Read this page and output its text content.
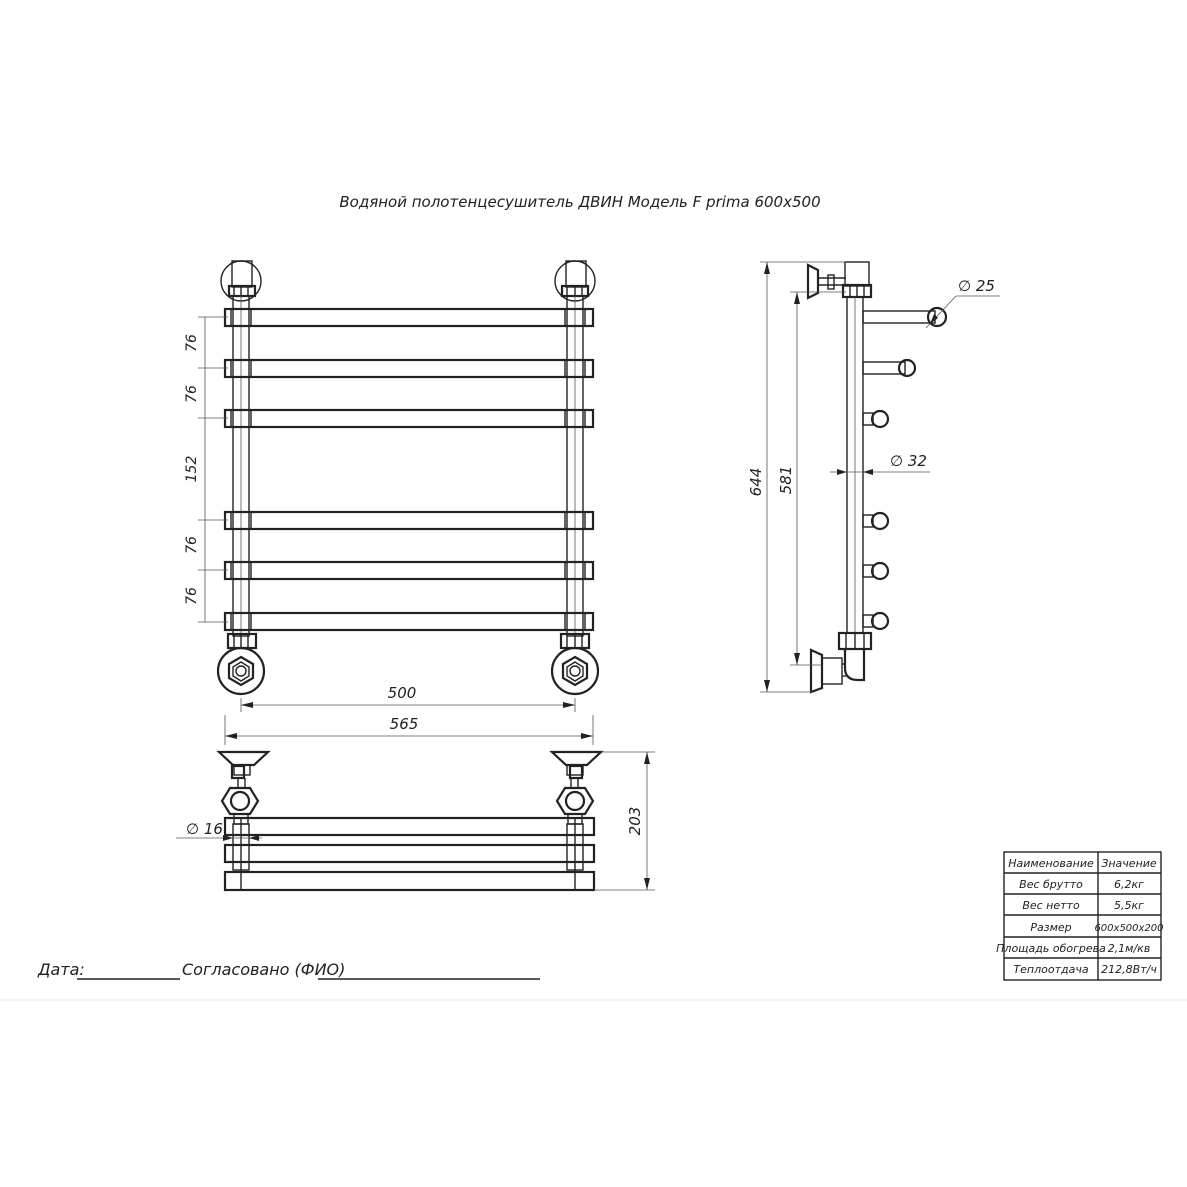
Водяной полотенцесушитель ДВИН Модель F prima 600x500
76
76
152
76
76
500
565
644 581
∅ 25
∅ 32
203
∅ 16
Наименование Значение
Вес брутто	6,2кг
Вес нетто	5,5кг
Размер 600x500x200
Площадь обогрева 2,1м/кв
Теплоотдача 212,8Вт/ч
Дата:	Согласовано (ФИО)
